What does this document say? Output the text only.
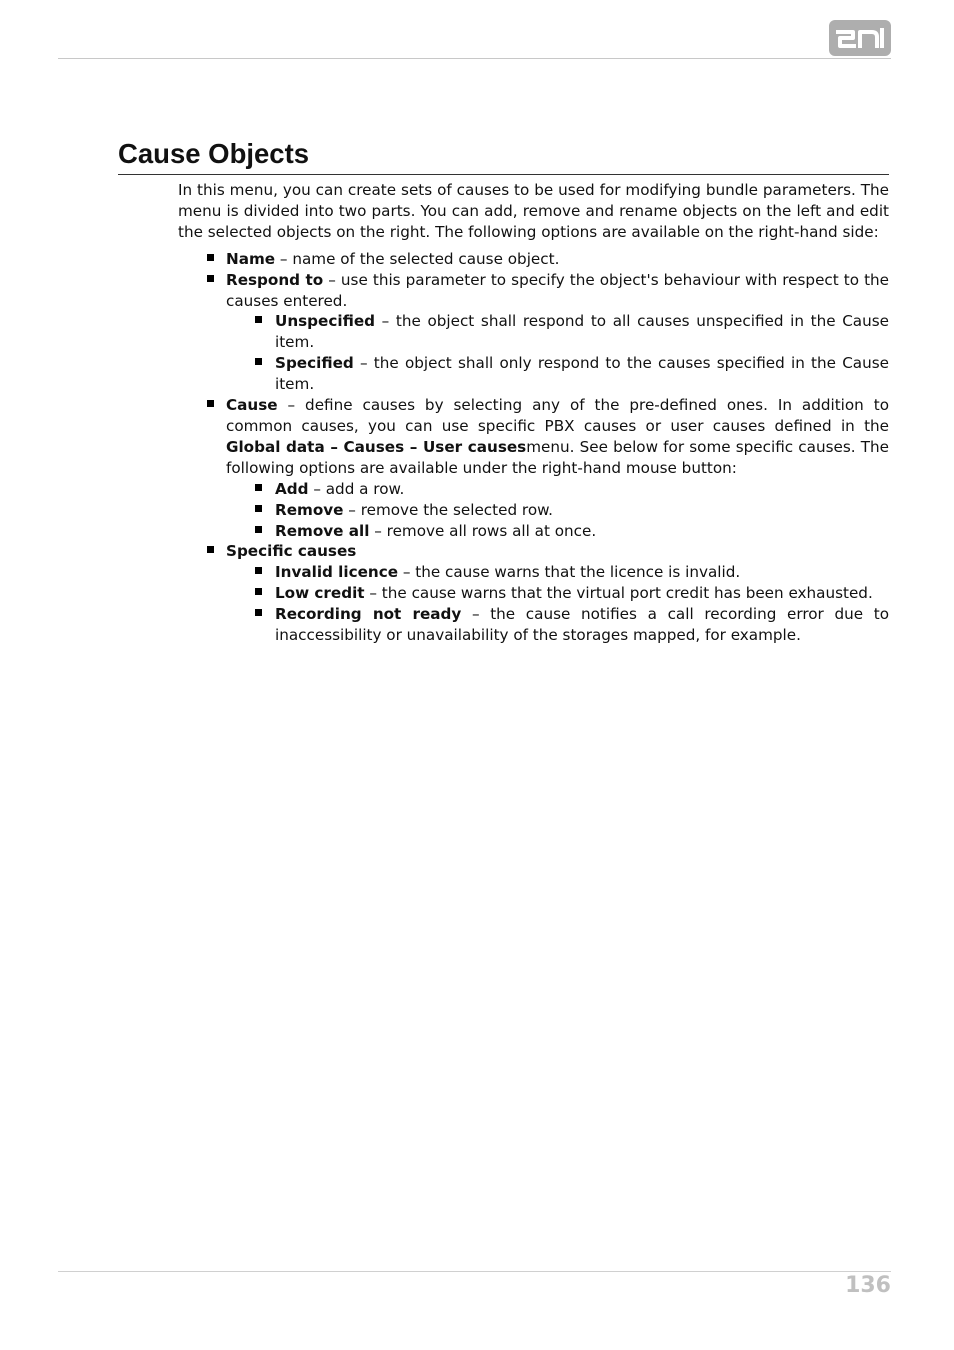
Cause Objects

In this menu, you can create sets of causes to be used for modifying bundle parameters. The menu is divided into two parts. You can add, remove and rename objects on the left and edit the selected objects on the right. The following options are available on the right-hand side:

Name – name of the selected cause object.
Respond to – use this parameter to specify the object's behaviour with respect to the causes entered.
Unspecified – the object shall respond to all causes unspecified in the Cause item.
Specified – the object shall only respond to the causes specified in the Cause item.
Cause – define causes by selecting any of the pre-defined ones. In addition to common causes, you can use specific PBX causes or user causes defined in the Global data – Causes – User causesmenu. See below for some specific causes. The following options are available under the right-hand mouse button:
Add – add a row.
Remove – remove the selected row.
Remove all – remove all rows all at once.
Specific causes
Invalid licence – the cause warns that the licence is invalid.
Low credit – the cause warns that the virtual port credit has been exhausted.
Recording not ready – the cause notifies a call recording error due to inaccessibility or unavailability of the storages mapped, for example.
136
